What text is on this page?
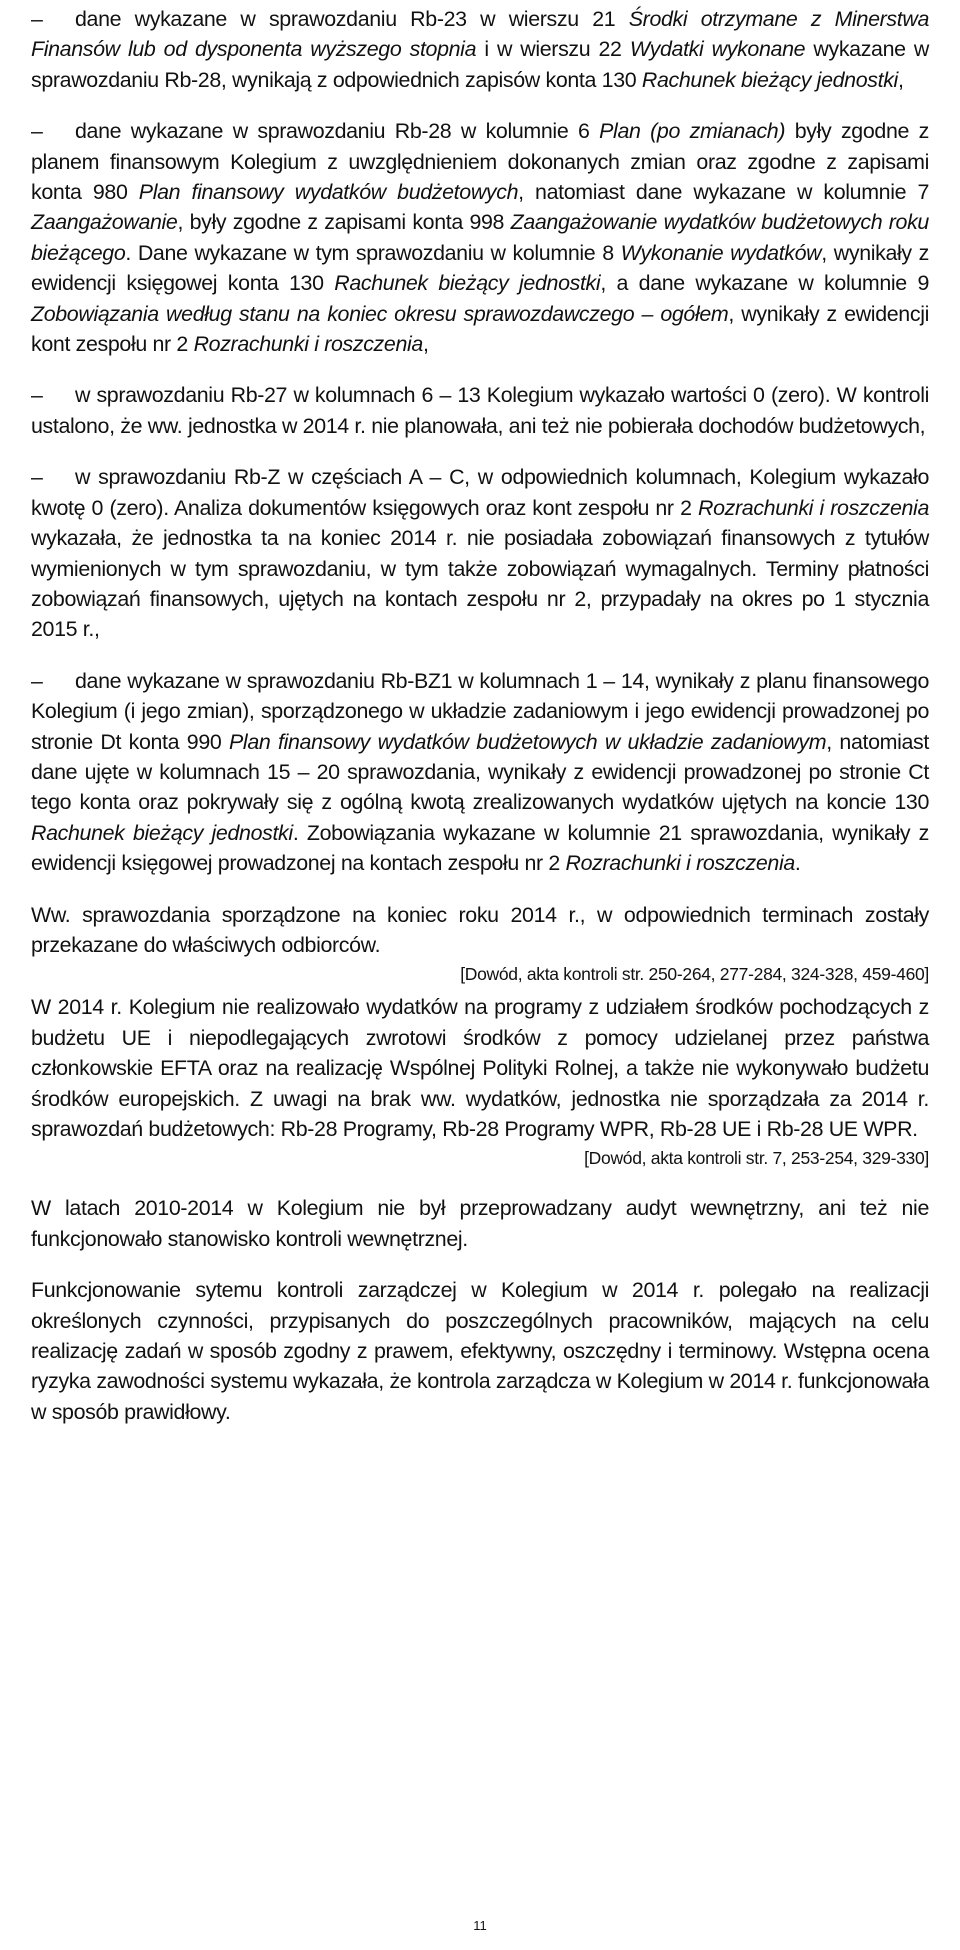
–	dane wykazane w sprawozdaniu Rb-23 w wierszu 21 Środki otrzymane z Minerstwa Finansów lub od dysponenta wyższego stopnia i w wierszu 22 Wydatki wykonane wykazane w sprawozdaniu Rb-28, wynikają z odpowiednich zapisów konta 130 Rachunek bieżący jednostki,
–	dane wykazane w sprawozdaniu Rb-28 w kolumnie 6 Plan (po zmianach) były zgodne z planem finansowym Kolegium z uwzględnieniem dokonanych zmian oraz zgodne z zapisami konta 980 Plan finansowy wydatków budżetowych, natomiast dane wykazane w kolumnie 7 Zaangażowanie, były zgodne z zapisami konta 998 Zaangażowanie wydatków budżetowych roku bieżącego. Dane wykazane w tym sprawozdaniu w kolumnie 8 Wykonanie wydatków, wynikały z ewidencji księgowej konta 130 Rachunek bieżący jednostki, a dane wykazane w kolumnie 9 Zobowiązania według stanu na koniec okresu sprawozdawczego – ogółem, wynikały z ewidencji kont zespołu nr 2 Rozrachunki i roszczenia,
–	w sprawozdaniu Rb-27 w kolumnach 6 – 13 Kolegium wykazało wartości 0 (zero). W kontroli ustalono, że ww. jednostka w 2014 r. nie planowała, ani też nie pobierała dochodów budżetowych,
–	w sprawozdaniu Rb-Z w częściach A – C, w odpowiednich kolumnach, Kolegium wykazało kwotę 0 (zero). Analiza dokumentów księgowych oraz kont zespołu nr 2 Rozrachunki i roszczenia wykazała, że jednostka ta na koniec 2014 r. nie posiadała zobowiązań finansowych z tytułów wymienionych w tym sprawozdaniu, w tym także zobowiązań wymagalnych. Terminy płatności zobowiązań finansowych, ujętych na kontach zespołu nr 2, przypadały na okres po 1 stycznia 2015 r.,
–	dane wykazane w sprawozdaniu Rb-BZ1 w kolumnach 1 – 14, wynikały z planu finansowego Kolegium (i jego zmian), sporządzonego w układzie zadaniowym i jego ewidencji prowadzonej po stronie Dt konta 990 Plan finansowy wydatków budżetowych w układzie zadaniowym, natomiast dane ujęte w kolumnach 15 – 20 sprawozdania, wynikały z ewidencji prowadzonej po stronie Ct tego konta oraz pokrywały się z ogólną kwotą zrealizowanych wydatków ujętych na koncie 130 Rachunek bieżący jednostki. Zobowiązania wykazane w kolumnie 21 sprawozdania, wynikały z ewidencji księgowej prowadzonej na kontach zespołu nr 2 Rozrachunki i roszczenia.
Ww. sprawozdania sporządzone na koniec roku 2014 r., w odpowiednich terminach zostały przekazane do właściwych odbiorców.
[Dowód, akta kontroli str. 250-264, 277-284, 324-328, 459-460]
W 2014 r. Kolegium nie realizowało wydatków na programy z udziałem środków pochodzących z budżetu UE i niepodlegających zwrotowi środków z pomocy udzielanej przez państwa członkowskie EFTA oraz na realizację Wspólnej Polityki Rolnej, a także nie wykonywało budżetu środków europejskich. Z uwagi na brak ww. wydatków, jednostka nie sporządzała za 2014 r. sprawozdań budżetowych: Rb-28 Programy, Rb-28 Programy WPR, Rb-28 UE i Rb-28 UE WPR.
[Dowód, akta kontroli str. 7, 253-254, 329-330]
W latach 2010-2014 w Kolegium nie był przeprowadzany audyt wewnętrzny, ani też nie funkcjonowało stanowisko kontroli wewnętrznej.
Funkcjonowanie sytemu kontroli zarządczej w Kolegium w 2014 r. polegało na realizacji określonych czynności, przypisanych do poszczególnych pracowników, mających na celu realizację zadań w sposób zgodny z prawem, efektywny, oszczędny i terminowy. Wstępna ocena ryzyka zawodności systemu wykazała, że kontrola zarządcza w Kolegium w 2014 r. funkcjonowała w sposób prawidłowy.
11
